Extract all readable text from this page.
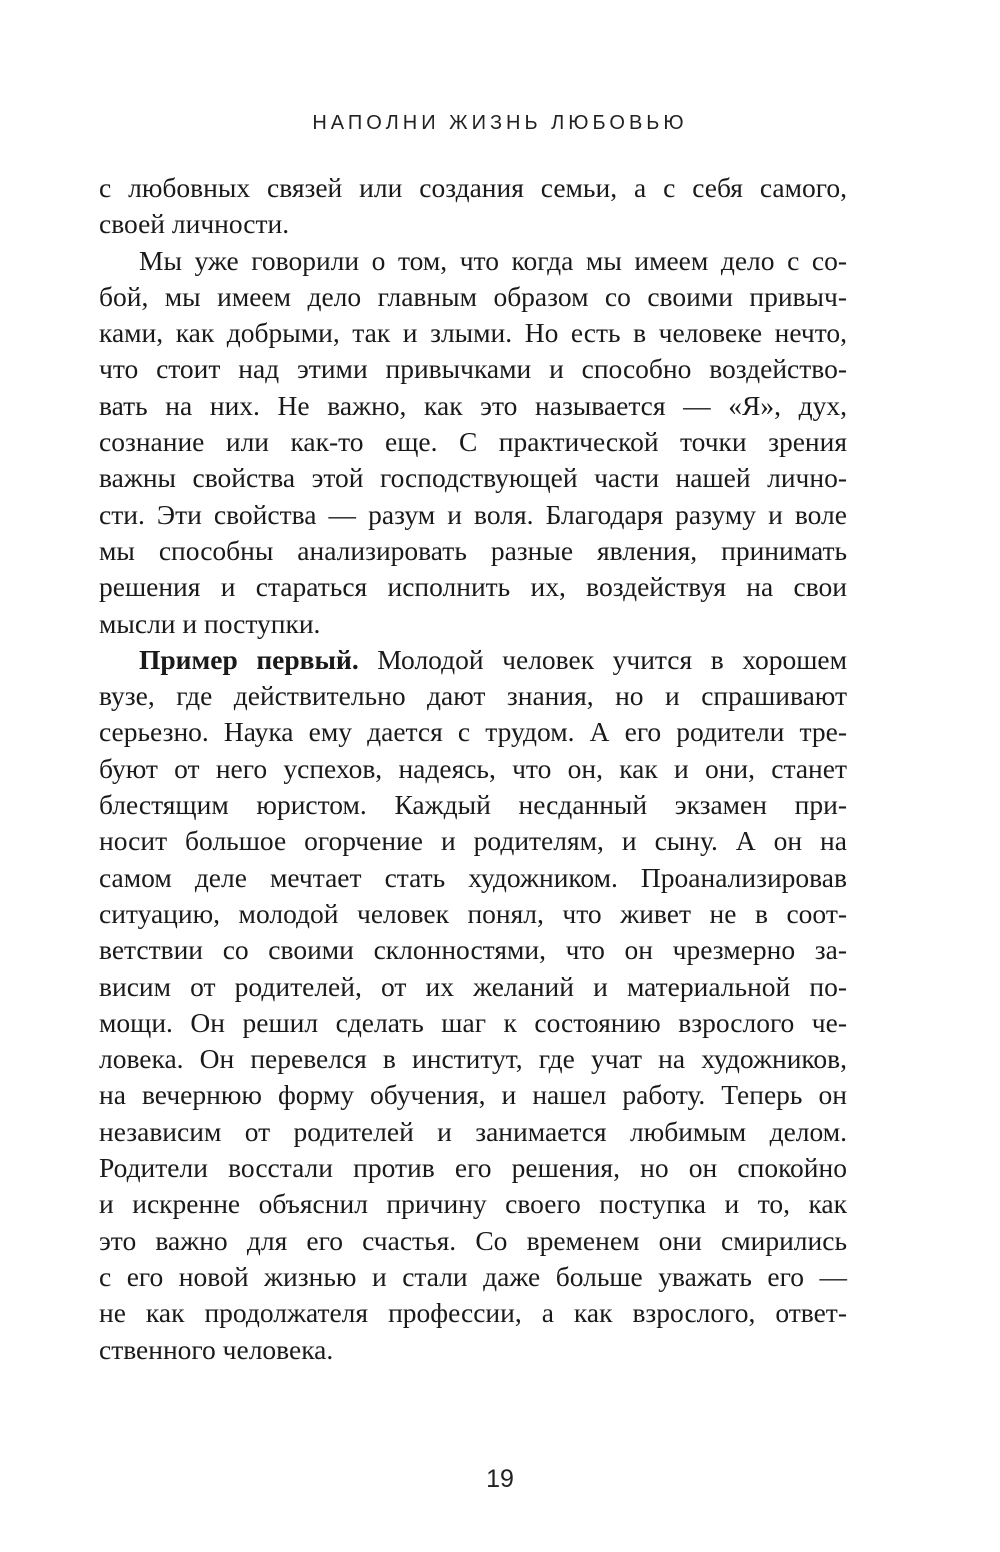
НАПОЛНИ ЖИЗНЬ ЛЮБОВЬЮ
с любовных связей или создания семьи, а с себя самого,
своей личности.
Мы уже говорили о том, что когда мы имеем дело с со-
бой, мы имеем дело главным образом со своими привыч-
ками, как добрыми, так и злыми. Но есть в человеке нечто,
что стоит над этими привычками и способно воздейство-
вать на них. Не важно, как это называется — «Я», дух,
сознание или как-то еще. С практической точки зрения
важны свойства этой господствующей части нашей лично-
сти. Эти свойства — разум и воля. Благодаря разуму и воле
мы способны анализировать разные явления, принимать
решения и стараться исполнить их, воздействуя на свои
мысли и поступки.
Пример первый. Молодой человек учится в хорошем
вузе, где действительно дают знания, но и спрашивают
серьезно. Наука ему дается с трудом. А его родители тре-
буют от него успехов, надеясь, что он, как и они, станет
блестящим юристом. Каждый несданный экзамен при-
носит большое огорчение и родителям, и сыну. А он на
самом деле мечтает стать художником. Проанализировав
ситуацию, молодой человек понял, что живет не в соот-
ветствии со своими склонностями, что он чрезмерно за-
висим от родителей, от их желаний и материальной по-
мощи. Он решил сделать шаг к состоянию взрослого че-
ловека. Он перевелся в институт, где учат на художников,
на вечернюю форму обучения, и нашел работу. Теперь он
независим от родителей и занимается любимым делом.
Родители восстали против его решения, но он спокойно
и искренне объяснил причину своего поступка и то, как
это важно для его счастья. Со временем они смирились
с его новой жизнью и стали даже больше уважать его —
не как продолжателя профессии, а как взрослого, ответ-
ственного человека.
19
